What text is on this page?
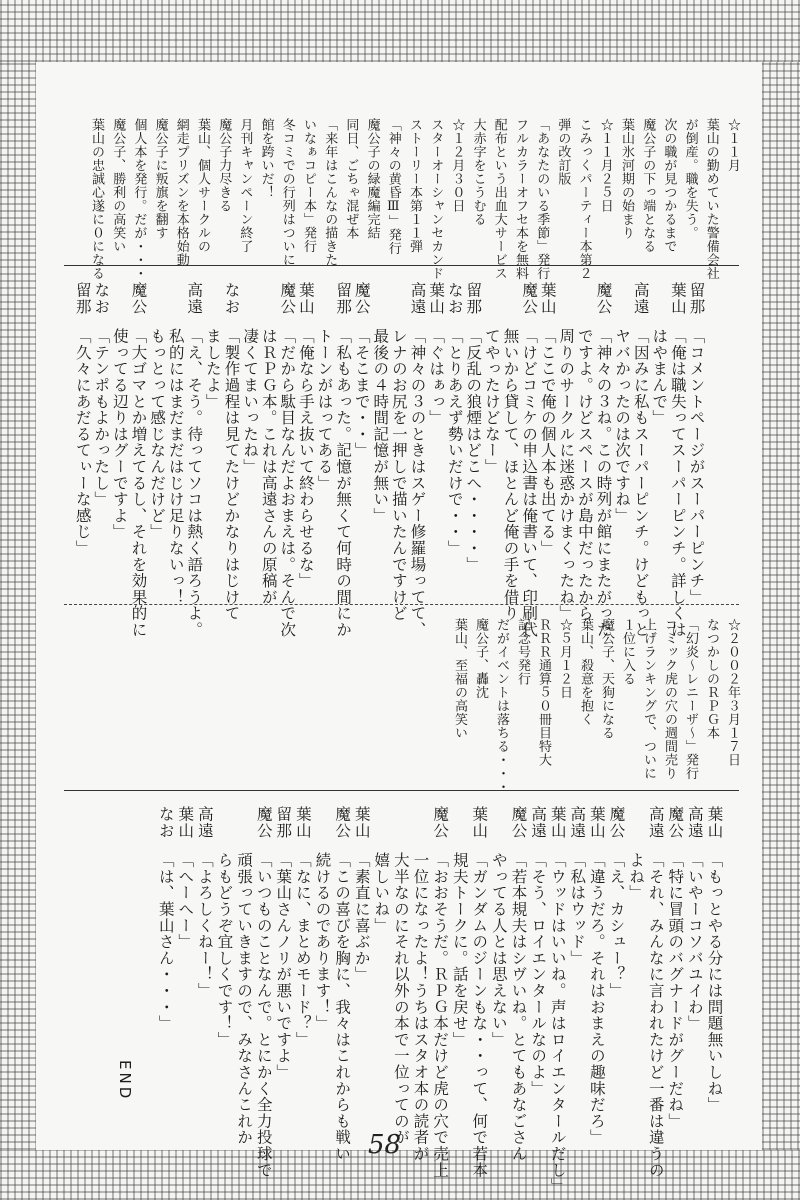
☆１１月
葉山の勤めていた警備会社
が倒産。職を失う。
次の職が見つかるまで
魔公子の下っ端となる
葉山氷河期の始まり
☆１１月２５日
こみっくパーティー本第２
弾の改訂版
「あなたのいる季節」発行
フルカラーオフセ本を無料
配布という出血大サービス
大赤字をこうむる
☆１２月３０日
スターオーシャンセカンド
ストーリー本第１１弾
「神々の黄昏Ⅲ」発行
魔公子の緑魔編完結
同日、ごちゃ混ぜ本
「来年はこんなの描きた
いなぁコピー本」発行
冬コミでの行列はついに
館を跨いだ！
月刊キャンペーン終了
魔公子力尽きる
葉山、個人サークルの
網走プリズンを本格始動
魔公子に叛旗を翻す
個人本を発行。だが・・・
魔公子、勝利の高笑い
葉山の忠誠心遂に０になる
留那
「コメントページがスーパーピンチ」
葉山
「俺は職失ってスーパーピンチ。詳しくは
はやまんで」
高遠
「因みに私もスーパーピンチ。けどもっと
ヤバかったのは次ですね」
魔公
「神々の３ね。この時列が館にまたがった
ですよ。けどスペースが島中だったから
周りのサークルに迷惑かけまくったね」
葉山
「ここで俺の個人本も出てる」
魔公
「けどコミケの申込書は俺書いて、印刷代
無いから貸して、ほとんど俺の手を借り
てやったけどなー」
留那
「反乱の狼煙はどこへ・・・・」
なお
「とりあえず勢いだけで・・」
葉山
「ぐはぁっ」
高遠
「神々の３のときはスゲー修羅場ってて、
レナのお尻を一押しで描いたんですけど
最後の４時間記憶が無い」
魔公
「そこまで・・」
留那
「私もあった。記憶が無くて何時の間にか
トーンがはってある」
葉山
「俺なら手え抜いて終わらせるな」
魔公
「だから駄目なんだよおまえは。そんで次
はＲＰＧ本。これは高遠さんの原稿が
凄くてまいったね」
なお
「製作過程は見てたけどかなりはじけて
ましたよ」
高遠
「え、そう。待ってソコは熱く語ろうよ。
私的にはまだまだはじけ足りないっ！
もっとって感じなんだけど」
魔公
「大ゴマとか増えてるし、それを効果的に
使ってる辺りはグーですよ」
なお
「テンポもよかったし」
留那
「久々にあだるてぃーな感じ」
☆２００２年３月１７日
なつかしのＲＰＧ本
「幻炎～レニーザ～」発行
コミック虎の穴の週間売り
上げランキングで、ついに
１位に入る
魔公子、天狗になる
葉山、殺意を抱く
☆５月１２日
ＲＲＲ通算５０冊目特大
記念号発行
だがイベントは落ちる・・・
魔公子、轟沈
葉山、至福の高笑い
葉山
「もっとやる分には問題無いしね」
高遠
「いやーコソバユイわ」
魔公
「特に冒頭のバグナードがグーだね」
高遠
「それ、みんなに言われたけど一番は違うの
よね」
魔公
「え、カシュー？」
葉山
「違うだろ。それはおまえの趣味だろ」
高遠
「私はウッド」
葉山
「ウッドはいいね。声はロイエンタールだし」
高遠
「そう、ロイエンタールなのよ」
魔公
「若本規夫はシヴいね。とてもあなごさん
やってる人とは思えない」
葉山
「ガンダムのジーンもな・・って、何で若本
規夫トークに。話を戻せ」
魔公
「おおそうだ。ＲＰＧ本だけど虎の穴で売上
一位になったよ！うちはスタオ本の読者が
大半なのにそれ以外の本で一位ってのが
嬉しいね」
葉山
「素直に喜ぶか」
魔公
「この喜びを胸に、我々はこれからも戦い
続けるのであります！」
葉山
「なに、まとめモード？」
留那
「葉山さんノリが悪いですよ」
魔公
「いつものことなんで。とにかく全力投球で
頑張っていきますので、みなさんこれか
らもどうぞ宜しくです！」
高遠
「よろしくねー！」
葉山
「へーへー」
なお
「は、葉山さん・・・」
END
58
